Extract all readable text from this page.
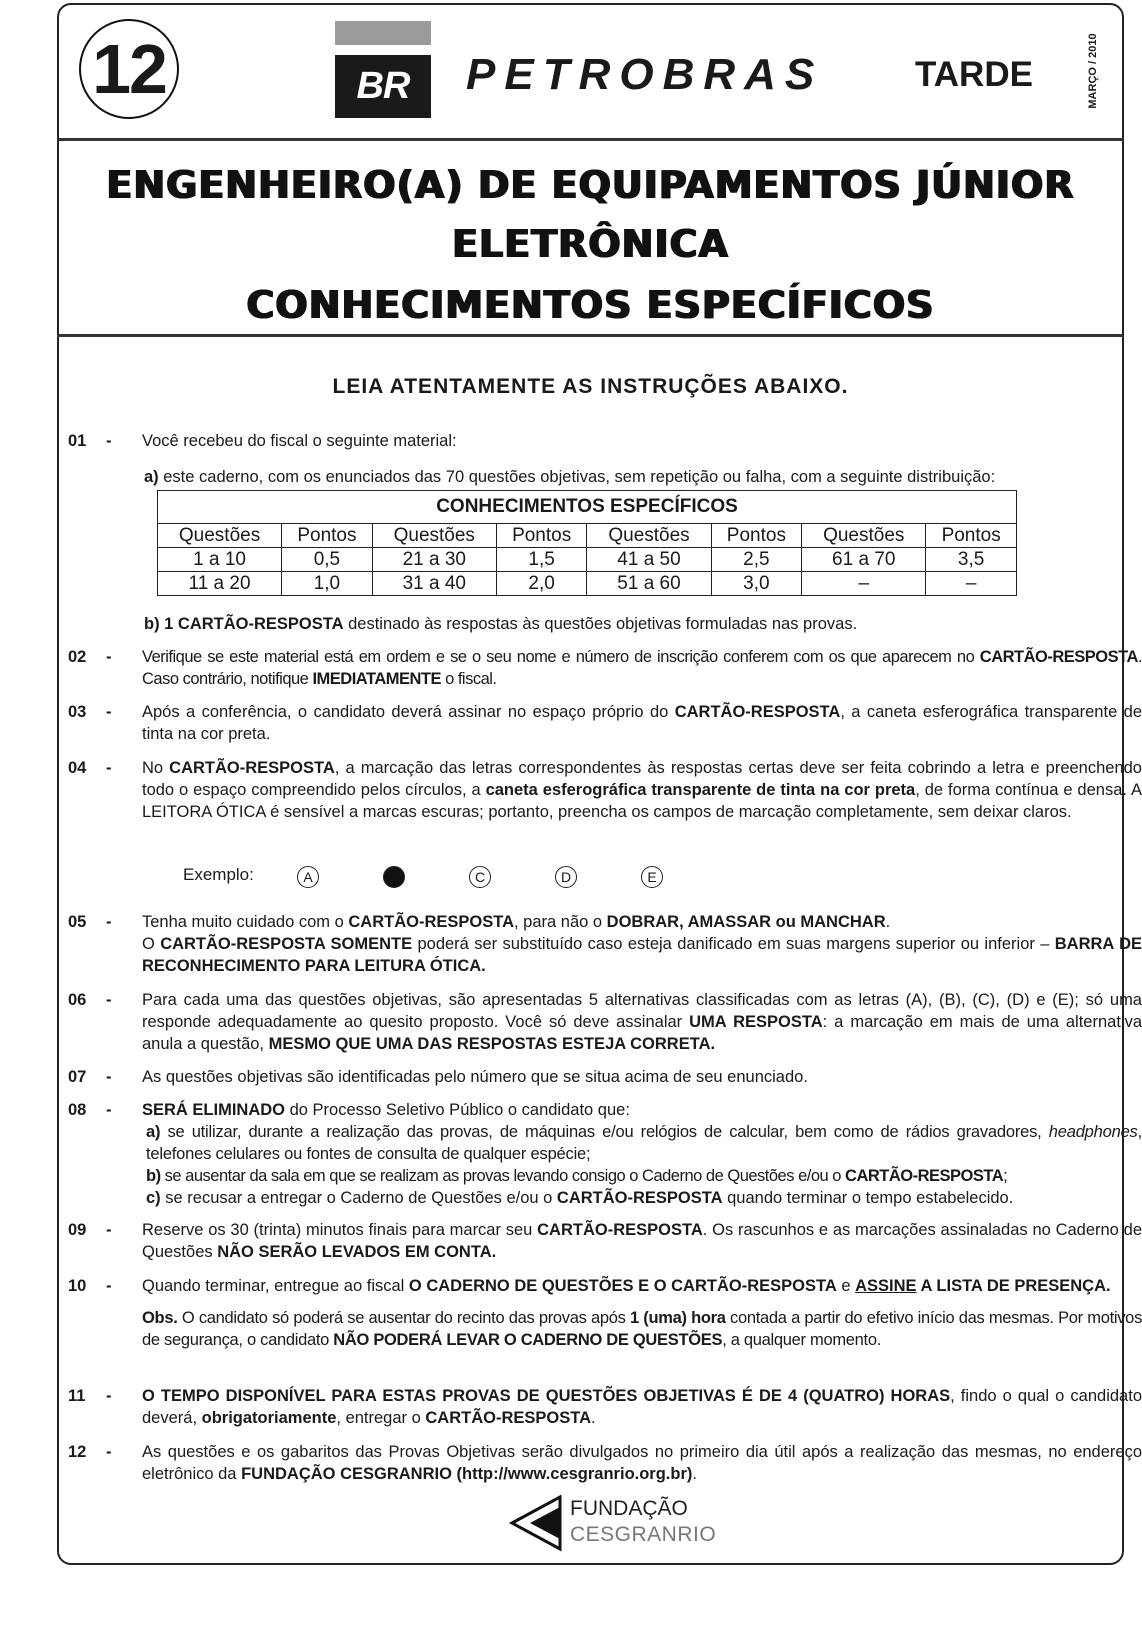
12	BR PETROBRAS	TARDE	MARÇO / 2010
ENGENHEIRO(A) DE EQUIPAMENTOS JÚNIOR
ELETRÔNICA
CONHECIMENTOS ESPECÍFICOS
LEIA ATENTAMENTE AS INSTRUÇÕES ABAIXO.
01 - Você recebeu do fiscal o seguinte material:
a) este caderno, com os enunciados das 70 questões objetivas, sem repetição ou falha, com a seguinte distribuição:
CONHECIMENTOS ESPECÍFICOS							
Questões	Pontos	Questões	Pontos	Questões	Pontos	Questões	Pontos
1 a 10	0,5	21 a 30	1,5	41 a 50	2,5	61 a 70	3,5
11 a 20	1,0	31 a 40	2,0	51 a 60	3,0	–	–
b) 1 CARTÃO-RESPOSTA destinado às respostas às questões objetivas formuladas nas provas.
02 - Verifique se este material está em ordem e se o seu nome e número de inscrição conferem com os que aparecem no CARTÃO-RESPOSTA. Caso contrário, notifique IMEDIATAMENTE o fiscal.
03 - Após a conferência, o candidato deverá assinar no espaço próprio do CARTÃO-RESPOSTA, a caneta esferográfica transparente de tinta na cor preta.
04 - No CARTÃO-RESPOSTA, a marcação das letras correspondentes às respostas certas deve ser feita cobrindo a letra e preenchendo todo o espaço compreendido pelos círculos, a caneta esferográfica transparente de tinta na cor preta, de forma contínua e densa. A LEITORA ÓTICA é sensível a marcas escuras; portanto, preencha os campos de marcação completamente, sem deixar claros.
Exemplo:	A	C	D	E
05 - Tenha muito cuidado com o CARTÃO-RESPOSTA, para não o DOBRAR, AMASSAR ou MANCHAR.
O CARTÃO-RESPOSTA SOMENTE poderá ser substituído caso esteja danificado em suas margens superior ou inferior – BARRA DE RECONHECIMENTO PARA LEITURA ÓTICA.
06 - Para cada uma das questões objetivas, são apresentadas 5 alternativas classificadas com as letras (A), (B), (C), (D) e (E); só uma responde adequadamente ao quesito proposto. Você só deve assinalar UMA RESPOSTA: a marcação em mais de uma alternativa anula a questão, MESMO QUE UMA DAS RESPOSTAS ESTEJA CORRETA.
07 - As questões objetivas são identificadas pelo número que se situa acima de seu enunciado.
08 - SERÁ ELIMINADO do Processo Seletivo Público o candidato que:
a) se utilizar, durante a realização das provas, de máquinas e/ou relógios de calcular, bem como de rádios gravadores, headphones, telefones celulares ou fontes de consulta de qualquer espécie;
b) se ausentar da sala em que se realizam as provas levando consigo o Caderno de Questões e/ou o CARTÃO-RESPOSTA;
c) se recusar a entregar o Caderno de Questões e/ou o CARTÃO-RESPOSTA quando terminar o tempo estabelecido.
09 - Reserve os 30 (trinta) minutos finais para marcar seu CARTÃO-RESPOSTA. Os rascunhos e as marcações assinaladas no Caderno de Questões NÃO SERÃO LEVADOS EM CONTA.
10 - Quando terminar, entregue ao fiscal O CADERNO DE QUESTÕES E O CARTÃO-RESPOSTA e ASSINE A LISTA DE PRESENÇA.
Obs. O candidato só poderá se ausentar do recinto das provas após 1 (uma) hora contada a partir do efetivo início das mesmas. Por motivos de segurança, o candidato NÃO PODERÁ LEVAR O CADERNO DE QUESTÕES, a qualquer momento.
11 - O TEMPO DISPONÍVEL PARA ESTAS PROVAS DE QUESTÕES OBJETIVAS É DE 4 (QUATRO) HORAS, findo o qual o candidato deverá, obrigatoriamente, entregar o CARTÃO-RESPOSTA.
12 - As questões e os gabaritos das Provas Objetivas serão divulgados no primeiro dia útil após a realização das mesmas, no endereço eletrônico da FUNDAÇÃO CESGRANRIO (http://www.cesgranrio.org.br).
FUNDAÇÃO
CESGRANRIO
